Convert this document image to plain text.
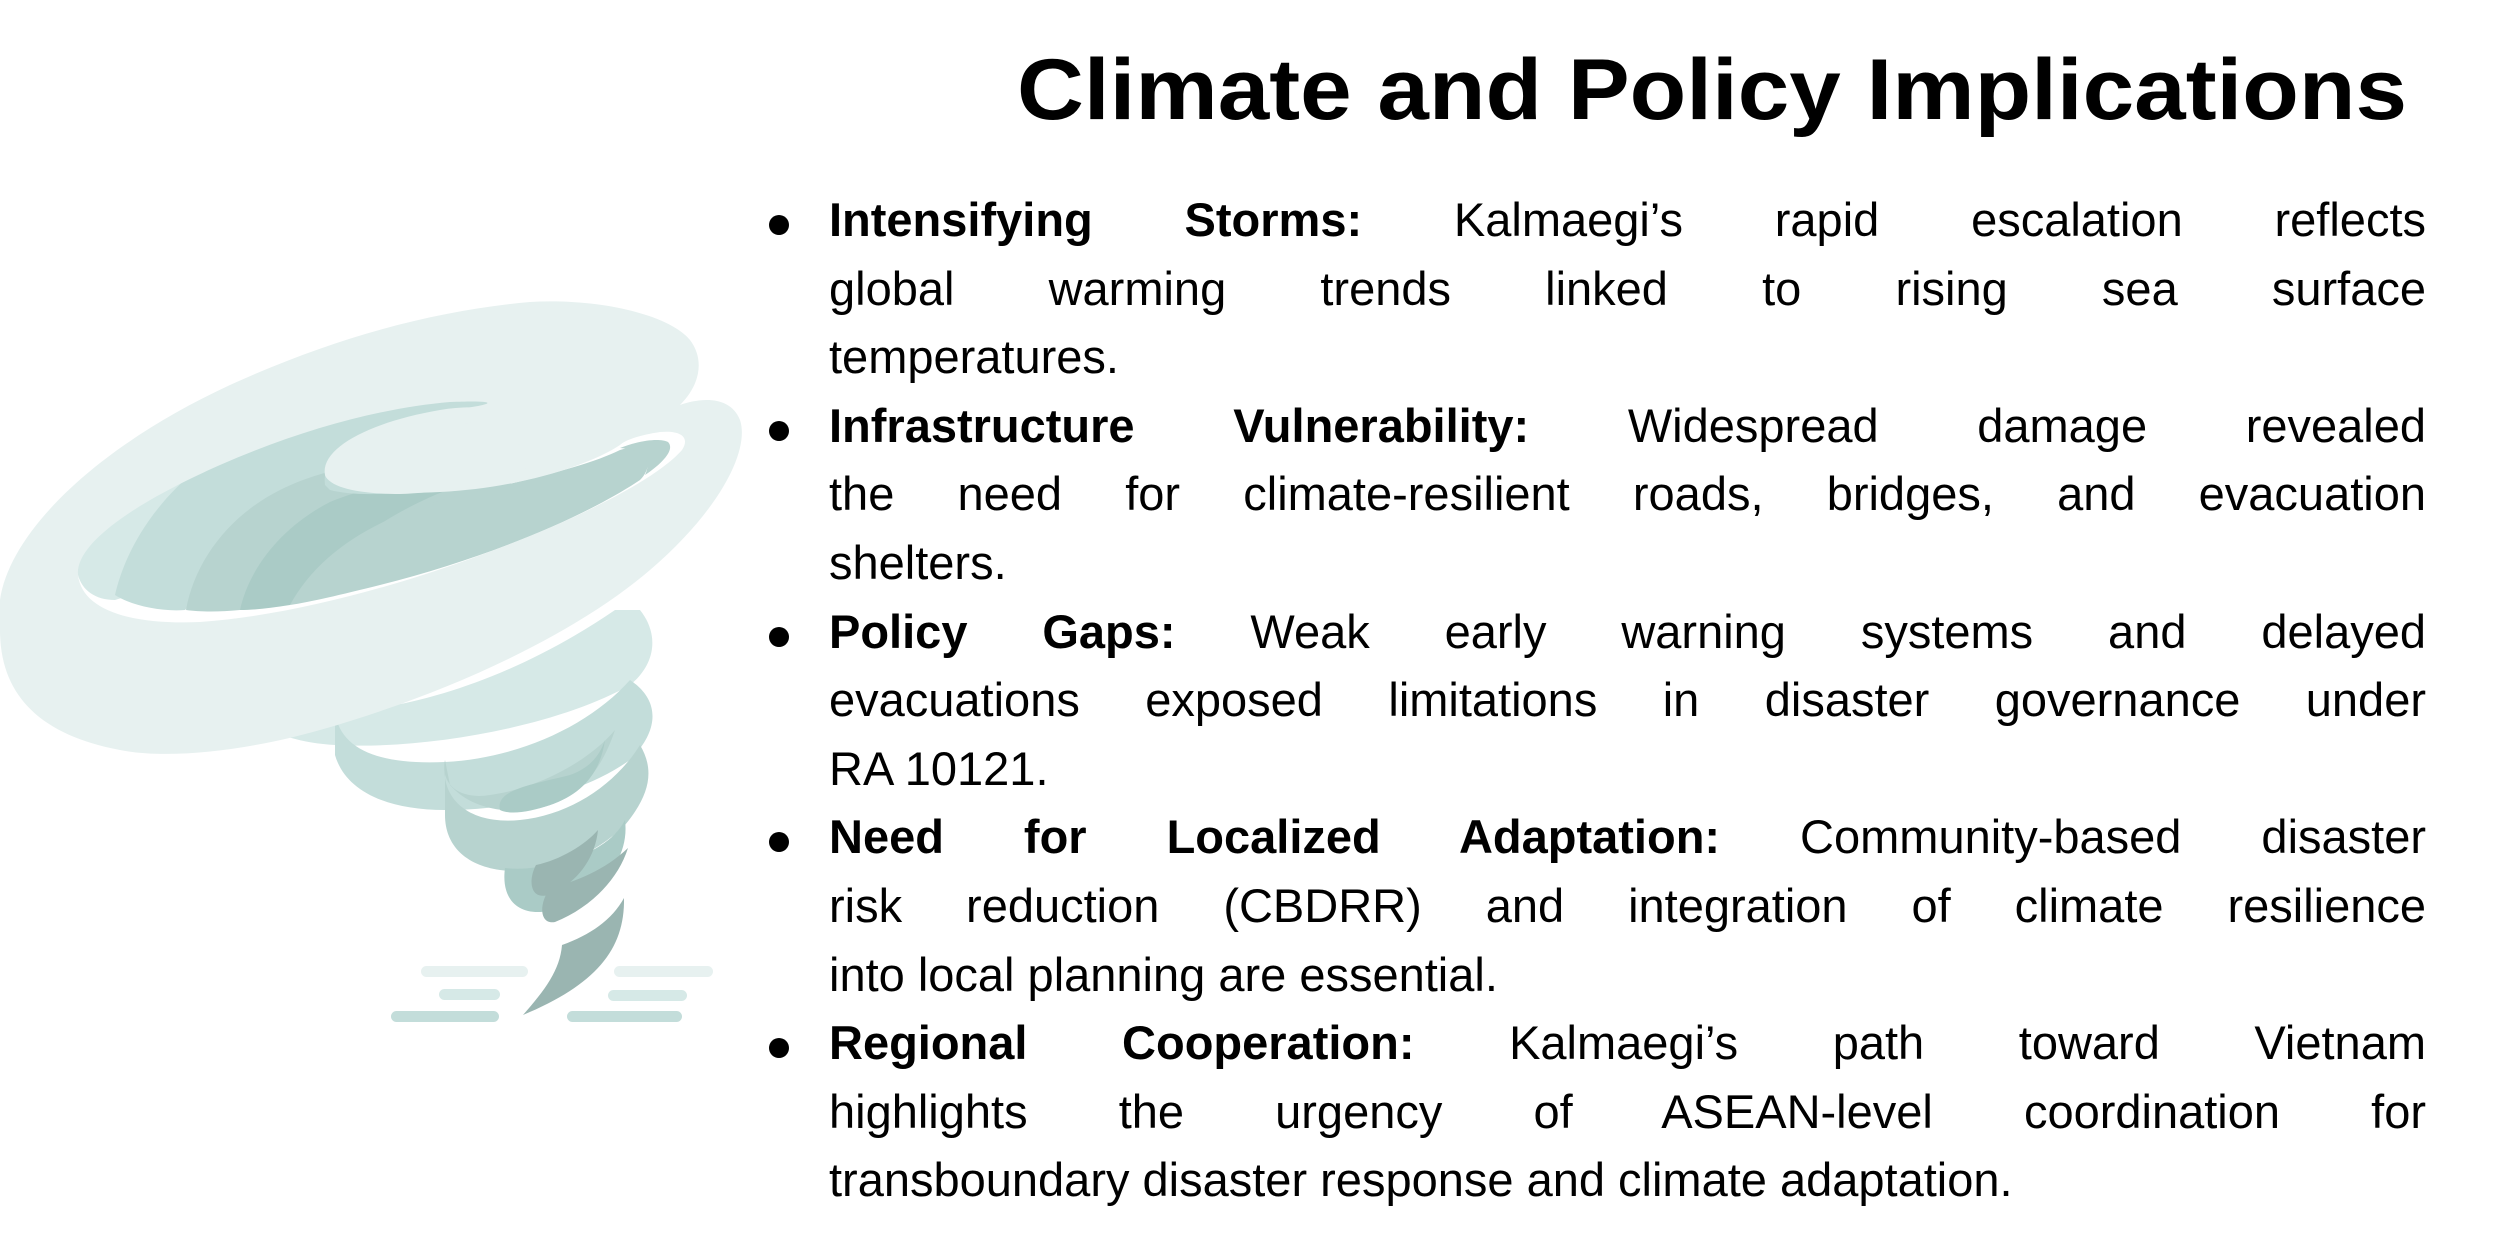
Climate and Policy Implications
Intensifying Storms: Kalmaegi’s rapid escalation reflects
global warming trends linked to rising sea surface
temperatures.
Infrastructure Vulnerability: Widespread damage revealed
the need for climate-resilient roads, bridges, and evacuation
shelters.
Policy Gaps: Weak early warning systems and delayed
evacuations exposed limitations in disaster governance under
RA 10121.
Need for Localized Adaptation: Community-based disaster
risk reduction (CBDRR) and integration of climate resilience
into local planning are essential.
Regional Cooperation: Kalmaegi’s path toward Vietnam
highlights the urgency of ASEAN-level coordination for
transboundary disaster response and climate adaptation.
